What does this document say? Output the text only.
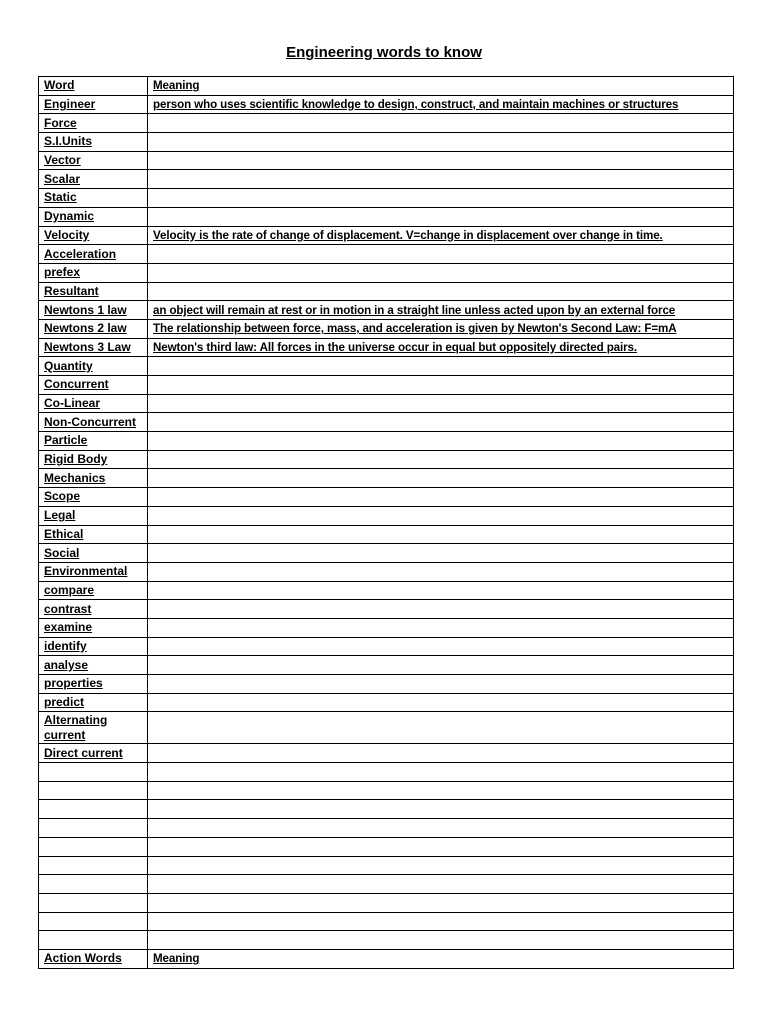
Engineering words to know
Word	Meaning
Engineer	person who uses scientific knowledge to design, construct, and maintain machines or structures
Force	
S.I.Units	
Vector	
Scalar	
Static	
Dynamic	
Velocity	Velocity is the rate of change of displacement. V=change in displacement over change in time.
Acceleration	
prefex	
Resultant	
Newtons 1 law	an object will remain at rest or in motion in a straight line unless acted upon by an external force
Newtons 2 law	The relationship between force, mass, and acceleration is given by Newton's Second Law: F=mA
Newtons 3 Law	Newton's third law: All forces in the universe occur in equal but oppositely directed pairs.
Quantity	
Concurrent	
Co-Linear	
Non-Concurrent	
Particle	
Rigid Body	
Mechanics	
Scope	
Legal	
Ethical	
Social	
Environmental	
compare	
contrast	
examine	
identify	
analyse	
properties	
predict	
Alternating current	
Direct current	

Action Words	Meaning
